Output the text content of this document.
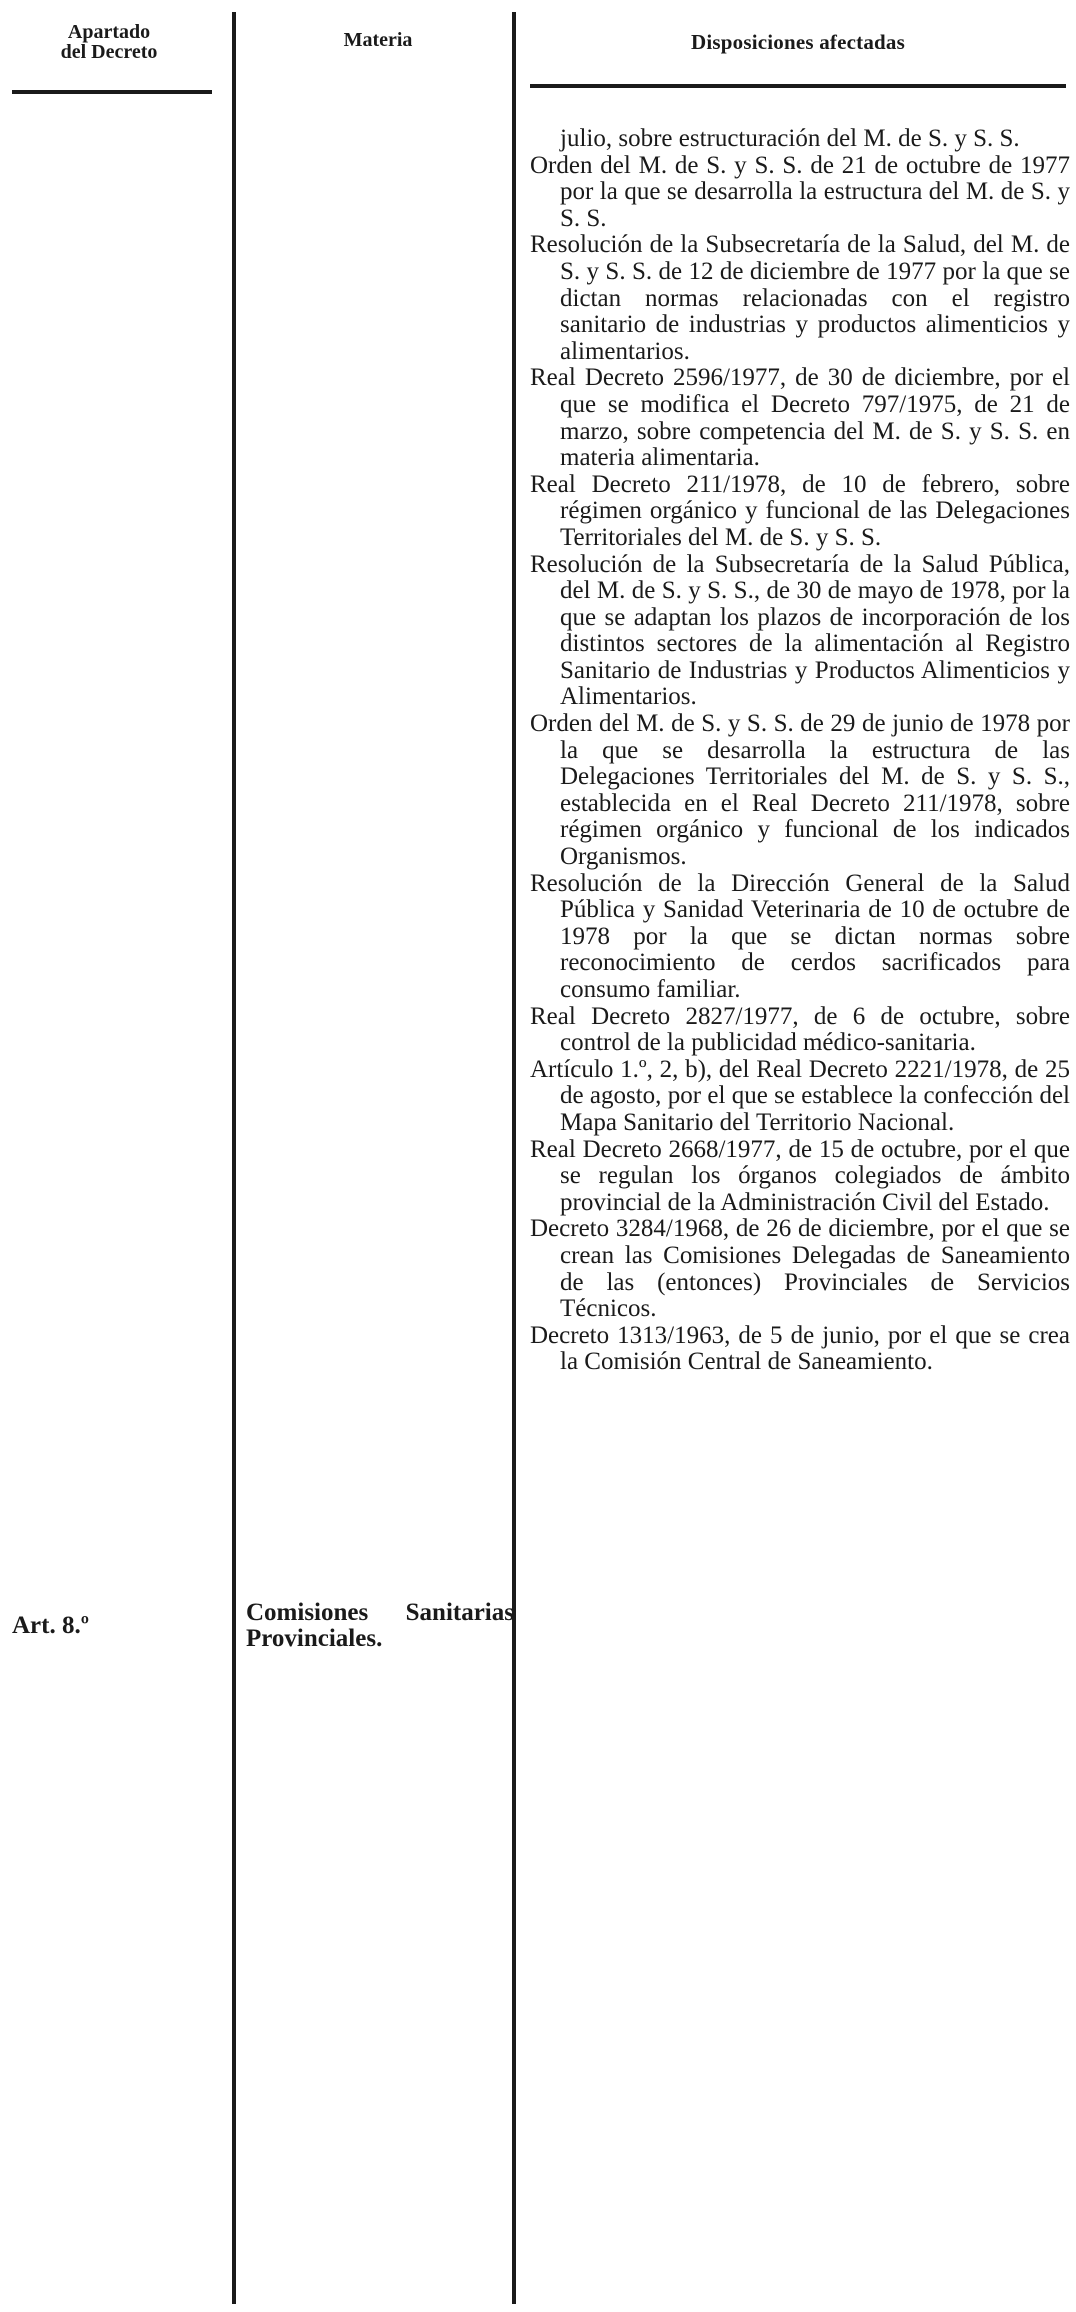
Apartado
del Decreto
Materia	Disposiciones afectadas
Art. 8.º	Comisiones Sanitarias Provinciales.

julio, sobre estructuración del M. de S. y S. S.

Orden del M. de S. y S. S. de 21 de octubre de 1977 por la que se desarrolla la estructura del M. de S. y S. S.

Resolución de la Subsecretaría de la Salud, del M. de S. y S. S. de 12 de diciembre de 1977 por la que se dictan normas relacionadas con el registro sanitario de industrias y productos alimenticios y alimentarios.

Real Decreto 2596/1977, de 30 de diciembre, por el que se modifica el Decreto 797/1975, de 21 de marzo, sobre competencia del M. de S. y S. S. en materia alimentaria.

Real Decreto 211/1978, de 10 de febrero, sobre régimen orgánico y funcional de las Delegaciones Territoriales del M. de S. y S. S.

Resolución de la Subsecretaría de la Salud Pública, del M. de S. y S. S., de 30 de mayo de 1978, por la que se adaptan los plazos de incorporación de los distintos sectores de la alimentación al Registro Sanitario de Industrias y Productos Alimenticios y Alimentarios.

Orden del M. de S. y S. S. de 29 de junio de 1978 por la que se desarrolla la estructura de las Delegaciones Territoriales del M. de S. y S. S., establecida en el Real Decreto 211/1978, sobre régimen orgánico y funcional de los indicados Organismos.

Resolución de la Dirección General de la Salud Pública y Sanidad Veterinaria de 10 de octubre de 1978 por la que se dictan normas sobre reconocimiento de cerdos sacrificados para consumo familiar.

Real Decreto 2827/1977, de 6 de octubre, sobre control de la publicidad médico-sanitaria.

Artículo 1.º, 2, b), del Real Decreto 2221/1978, de 25 de agosto, por el que se establece la confección del Mapa Sanitario del Territorio Nacional.

Real Decreto 2668/1977, de 15 de octubre, por el que se regulan los órganos colegiados de ámbito provincial de la Administración Civil del Estado.

Decreto 3284/1968, de 26 de diciembre, por el que se crean las Comisiones Delegadas de Saneamiento de las (entonces) Provinciales de Servicios Técnicos.

Decreto 1313/1963, de 5 de junio, por el que se crea la Comisión Central de Saneamiento.
